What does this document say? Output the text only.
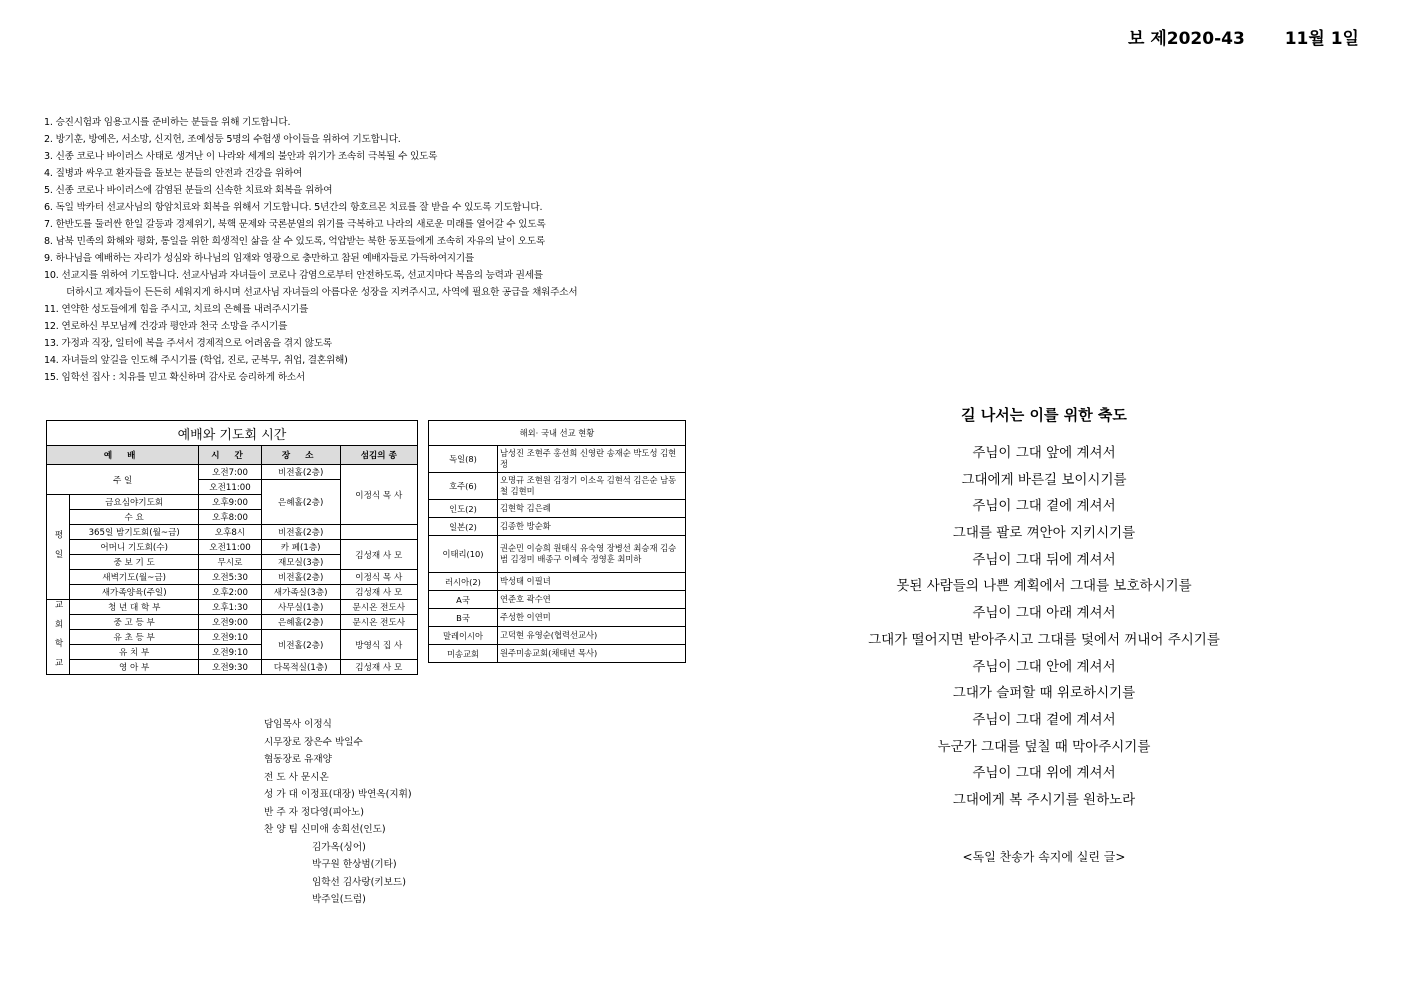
보 제2020-43 11월 1일
1. 승진시험과 임용고시를 준비하는 분들을 위해 기도합니다.
2. 방기훈, 방예은, 서소망, 신지헌, 조예성등 5명의 수험생 아이들을 위하여 기도합니다.
3. 신종 코로나 바이러스 사태로 생겨난 이 나라와 세계의 불안과 위기가 조속히 극복될 수 있도록
4. 질병과 싸우고 환자들을 돌보는 분들의 안전과 건강을 위하여
5. 신종 코로나 바이러스에 감염된 분들의 신속한 치료와 회복을 위하여
6. 독일 박카터 선교사님의 항암치료와 회복을 위해서 기도합니다. 5년간의 항호르몬 치료를 잘 받을 수 있도록 기도합니다.
7. 한반도를 둘러싼 한일 갈등과 경제위기, 북핵 문제와 국론분열의 위기를 극복하고 나라의 새로운 미래를 열어갈 수 있도록
8. 남북 민족의 화해와 평화, 통일을 위한 희생적인 삶을 살 수 있도록, 억압받는 북한 동포들에게 조속히 자유의 날이 오도록
9. 하나님을 예배하는 자리가 성심와 하나님의 임재와 영광으로 충만하고 참된 예배자들로 가득하여지기를
10. 선교지를 위하여 기도합니다. 선교사님과 자녀들이 코로나 감염으로부터 안전하도록, 선교지마다 복음의 능력과 권세를
더하시고 제자들이 든든히 세워지게 하시며 선교사님 자녀들의 아름다운 성장을 지켜주시고, 사역에 필요한 공급을 채워주소서
11. 연약한 성도들에게 힘을 주시고, 치료의 은혜를 내려주시기를
12. 연로하신 부모님께 건강과 평안과 천국 소망을 주시기를
13. 가정과 직장, 일터에 복을 주셔서 경제적으로 어려움을 겪지 않도록
14. 자녀들의 앞길을 인도해 주시기를 (학업, 진로, 군복무, 취업, 결혼위해)
15. 임학선 집사 : 치유를 믿고 확신하며 감사로 승리하게 하소서
예배와 기도회 시간				
예 배		시 간	장 소	섬김의 종
주 일		오전7:00	비전홀(2층)	이정식 목 사
		오전11:00	은혜홀(2층)	
평 일	금요심야기도회	오후9:00		
	수 요	오후8:00		
	365일 밤기도회(월~금)	오후8시	비전홀(2층)	
	어머니 기도회(수)	오전11:00	카 페(1층)	김성재 사 모
	중 보 기 도	무시로	재모실(3층)	
	새벽기도(월~금)	오전5:30	비전홀(2층)	이정식 목 사
	새가족양육(주일)	오후2:00	새가족실(3층)	김성재 사 모
교 회 학 교	청 년 대 학 부	오후1:30	사무실(1층)	문시온 전도사
	중 고 등 부	오전9:00	은혜홀(2층)	문시온 전도사
	유 초 등 부	오전9:10	비전홀(2층)	방영식 집 사
	유 치 부	오전9:10		
	영 아 부	오전9:30	다목적실(1층)	김성재 사 모
해외· 국내 선교 현황	
독일(8)	남성진 조현주 홍선희 신영란 송재순 박도성 김현정
호주(6)	오명규 조현원 김정기 이소옥 김현석 김은순 남동철 김현미
인도(2)	김현학 김은례
일본(2)	김종한 방순화
이태리(10)	권순민 이승희 원태식 유숙영 장병선 최승재 김승범 김정미 배종구 이혜숙 정영훈 최미하
러시아(2)	박성태 이필녀
A국	연준호 곽수연
B국	주성한 이연미
말레이시아	고덕현 유영순(협력선교사)
미송교회	원주미송교회(채태년 목사)
담임목사 이정식
시무장로 장은수 박일수
협동장로 유재양
전 도 사 문시온
성 가 대 이정표(대장) 박연옥(지휘)
반 주 자 정다영(피아노)
찬 양 팀 신미애 송희선(인도)
김가옥(싱어)
박구원 한상범(기타)
임학선 김사랑(키보드)
박주일(드럼)
길 나서는 이를 위한 축도
주님이 그대 앞에 계셔서
그대에게 바른길 보이시기를
주님이 그대 곁에 계셔서
그대를 팔로 껴안아 지키시기를
주님이 그대 뒤에 계셔서
못된 사람들의 나쁜 계획에서 그대를 보호하시기를
주님이 그대 아래 계셔서
그대가 떨어지면 받아주시고 그대를 덫에서 꺼내어 주시기를
주님이 그대 안에 계셔서
그대가 슬퍼할 때 위로하시기를
주님이 그대 곁에 계셔서
누군가 그대를 덮칠 때 막아주시기를
주님이 그대 위에 계셔서
그대에게 복 주시기를 원하노라
<독일 찬송가 속지에 실린 글>
